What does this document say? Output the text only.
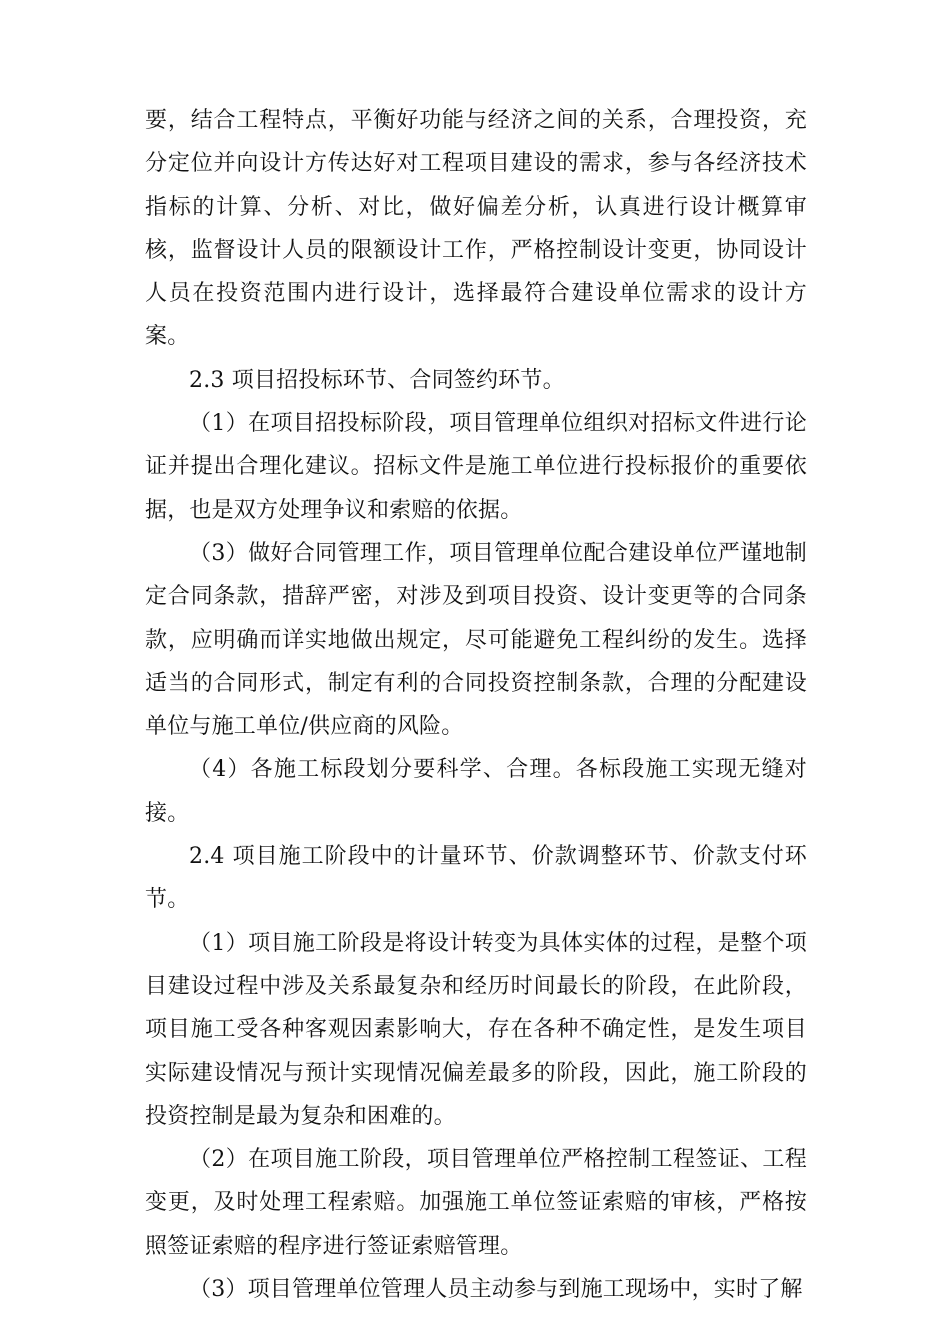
要，结合工程特点，平衡好功能与经济之间的关系，合理投资，充分定位并向设计方传达好对工程项目建设的需求，参与各经济技术指标的计算、分析、对比，做好偏差分析，认真进行设计概算审核，监督设计人员的限额设计工作，严格控制设计变更，协同设计人员在投资范围内进行设计，选择最符合建设单位需求的设计方案。

2.3 项目招投标环节、合同签约环节。

（1）在项目招投标阶段，项目管理单位组织对招标文件进行论证并提出合理化建议。招标文件是施工单位进行投标报价的重要依据，也是双方处理争议和索赔的依据。

（3）做好合同管理工作，项目管理单位配合建设单位严谨地制定合同条款，措辞严密，对涉及到项目投资、设计变更等的合同条款，应明确而详实地做出规定，尽可能避免工程纠纷的发生。选择适当的合同形式，制定有利的合同投资控制条款，合理的分配建设单位与施工单位/供应商的风险。

（4）各施工标段划分要科学、合理。各标段施工实现无缝对接。

2.4 项目施工阶段中的计量环节、价款调整环节、价款支付环节。

（1）项目施工阶段是将设计转变为具体实体的过程，是整个项目建设过程中涉及关系最复杂和经历时间最长的阶段，在此阶段，项目施工受各种客观因素影响大，存在各种不确定性，是发生项目实际建设情况与预计实现情况偏差最多的阶段，因此，施工阶段的投资控制是最为复杂和困难的。

（2）在项目施工阶段，项目管理单位严格控制工程签证、工程变更，及时处理工程索赔。加强施工单位签证索赔的审核，严格按照签证索赔的程序进行签证索赔管理。

（3）项目管理单位管理人员主动参与到施工现场中，实时了解
